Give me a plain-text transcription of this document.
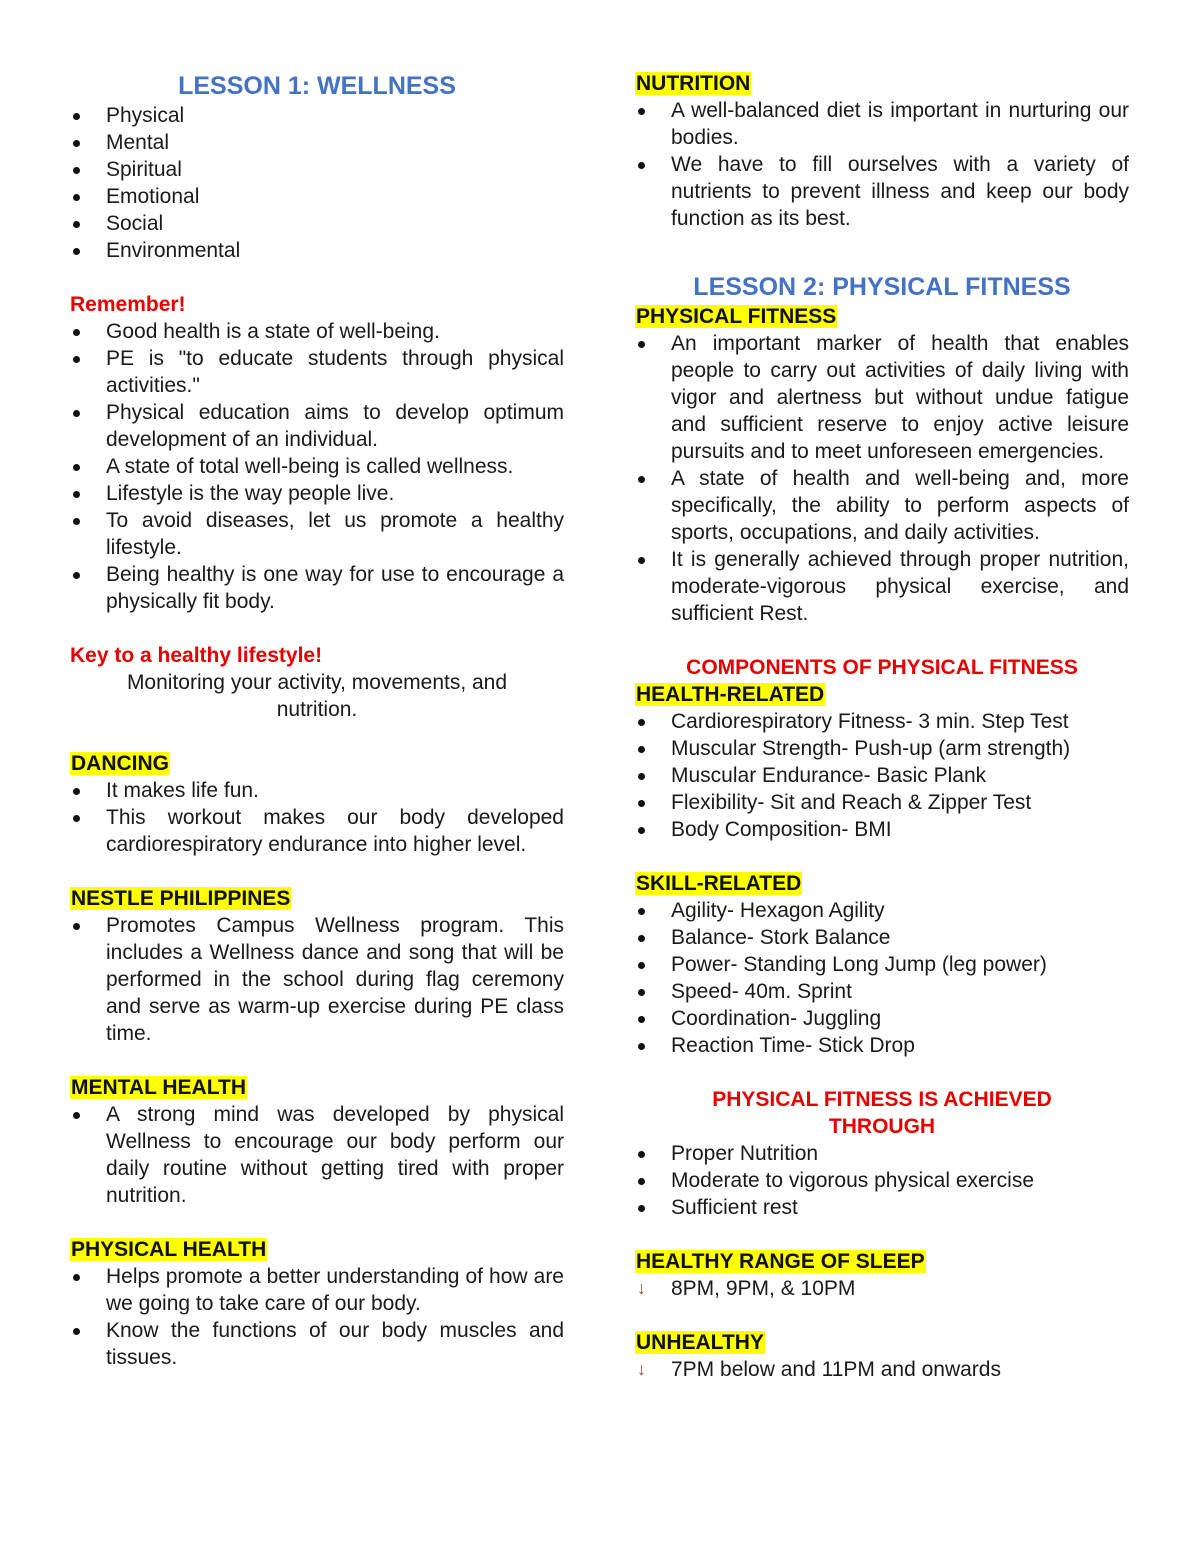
LESSON 1: WELLNESS
Physical
Mental
Spiritual
Emotional
Social
Environmental
Remember!
Good health is a state of well-being.
PE is "to educate students through physical activities."
Physical education aims to develop optimum development of an individual.
A state of total well-being is called wellness.
Lifestyle is the way people live.
To avoid diseases, let us promote a healthy lifestyle.
Being healthy is one way for use to encourage a physically fit body.
Key to a healthy lifestyle!
Monitoring your activity, movements, and nutrition.
DANCING
It makes life fun.
This workout makes our body developed cardiorespiratory endurance into higher level.
NESTLE PHILIPPINES
Promotes Campus Wellness program. This includes a Wellness dance and song that will be performed in the school during flag ceremony and serve as warm-up exercise during PE class time.
MENTAL HEALTH
A strong mind was developed by physical Wellness to encourage our body perform our daily routine without getting tired with proper nutrition.
PHYSICAL HEALTH
Helps promote a better understanding of how are we going to take care of our body.
Know the functions of our body muscles and tissues.
NUTRITION
A well-balanced diet is important in nurturing our bodies.
We have to fill ourselves with a variety of nutrients to prevent illness and keep our body function as its best.
LESSON 2: PHYSICAL FITNESS
PHYSICAL FITNESS
An important marker of health that enables people to carry out activities of daily living with vigor and alertness but without undue fatigue and sufficient reserve to enjoy active leisure pursuits and to meet unforeseen emergencies.
A state of health and well-being and, more specifically, the ability to perform aspects of sports, occupations, and daily activities.
It is generally achieved through proper nutrition, moderate-vigorous physical exercise, and sufficient Rest.
COMPONENTS OF PHYSICAL FITNESS
HEALTH-RELATED
Cardiorespiratory Fitness- 3 min. Step Test
Muscular Strength- Push-up (arm strength)
Muscular Endurance- Basic Plank
Flexibility- Sit and Reach & Zipper Test
Body Composition- BMI
SKILL-RELATED
Agility- Hexagon Agility
Balance- Stork Balance
Power- Standing Long Jump (leg power)
Speed- 40m. Sprint
Coordination- Juggling
Reaction Time- Stick Drop
PHYSICAL FITNESS IS ACHIEVED
THROUGH
Proper Nutrition
Moderate to vigorous physical exercise
Sufficient rest
HEALTHY RANGE OF SLEEP
↓ 8PM, 9PM, & 10PM
UNHEALTHY
↓ 7PM below and 11PM and onwards
